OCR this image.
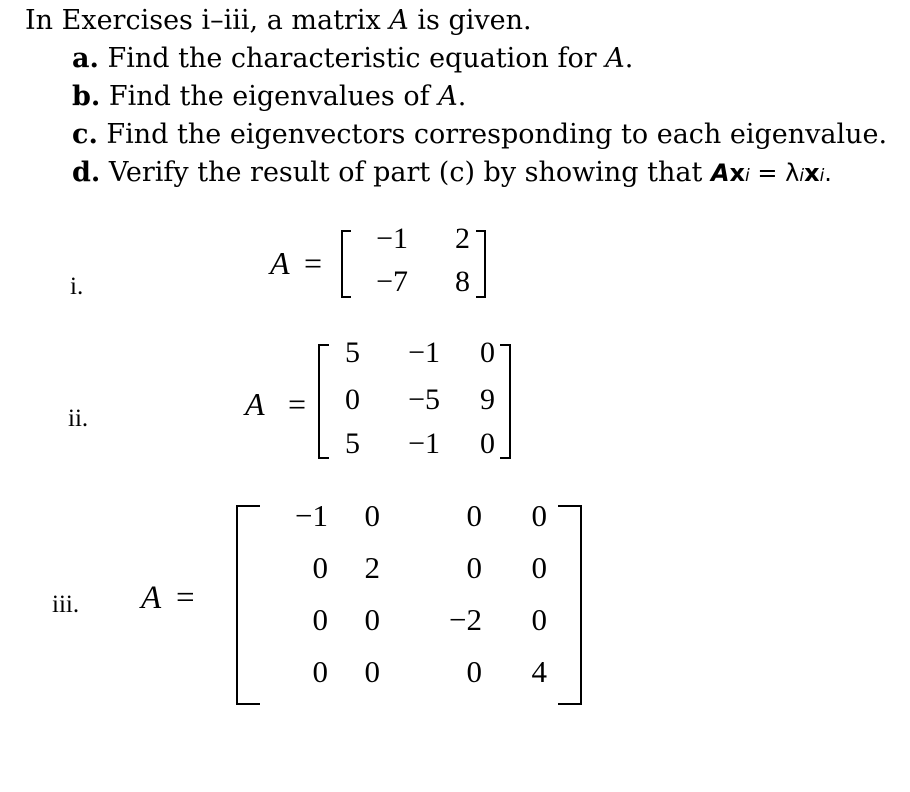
In Exercises i–iii, a matrix A is given.
a. Find the characteristic equation for A.
b. Find the eigenvalues of A.
c. Find the eigenvectors corresponding to each eigenvalue.
d. Verify the result of part (c) by showing that Axi = λixi.
i.
A =
−1	2
−7	8
ii.	A =
5	−1	0
0	−5	9
5	−1	0
iii. A =
−1	0	0	0
0	2	0	0
0	0	−2	0
0	0	0	4
